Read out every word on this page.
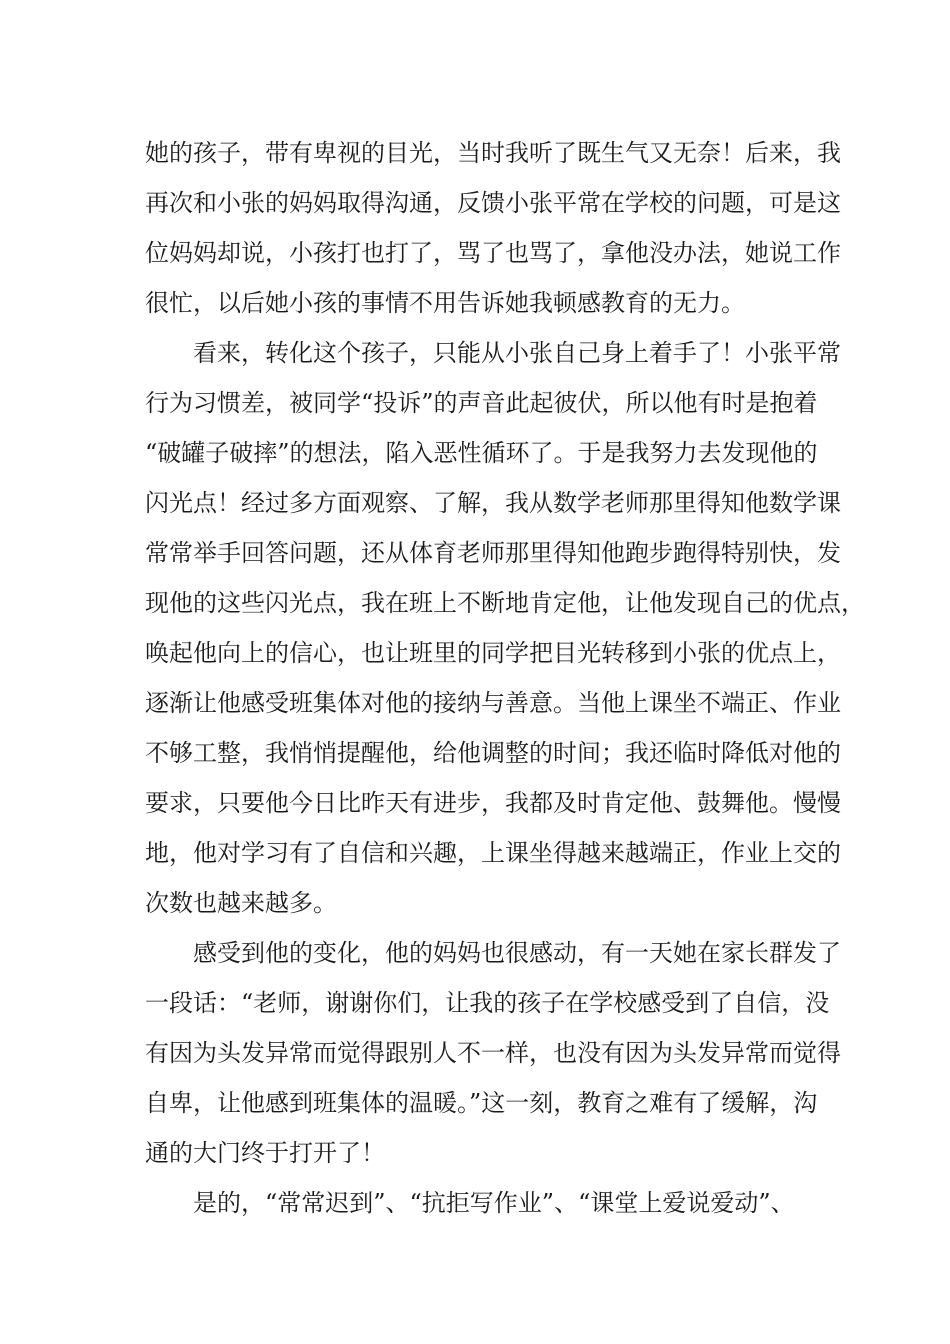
她的孩子，带有卑视的目光，当时我听了既生气又无奈！后来，我
再次和小张的妈妈取得沟通，反馈小张平常在学校的问题，可是这
位妈妈却说，小孩打也打了，骂了也骂了，拿他没办法，她说工作
很忙，以后她小孩的事情不用告诉她我顿感教育的无力。
看来，转化这个孩子，只能从小张自己身上着手了！小张平常
行为习惯差，被同学“投诉”的声音此起彼伏，所以他有时是抱着
“破罐子破摔”的想法，陷入恶性循环了。于是我努力去发现他的
闪光点！经过多方面观察、了解，我从数学老师那里得知他数学课
常常举手回答问题，还从体育老师那里得知他跑步跑得特别快，发
现他的这些闪光点，我在班上不断地肯定他，让他发现自己的优点，
唤起他向上的信心，也让班里的同学把目光转移到小张的优点上，
逐渐让他感受班集体对他的接纳与善意。当他上课坐不端正、作业
不够工整，我悄悄提醒他，给他调整的时间；我还临时降低对他的
要求，只要他今日比昨天有进步，我都及时肯定他、鼓舞他。慢慢
地，他对学习有了自信和兴趣，上课坐得越来越端正，作业上交的
次数也越来越多。
感受到他的变化，他的妈妈也很感动，有一天她在家长群发了
一段话：“老师，谢谢你们，让我的孩子在学校感受到了自信，没
有因为头发异常而觉得跟别人不一样，也没有因为头发异常而觉得
自卑，让他感到班集体的温暖。”这一刻，教育之难有了缓解，沟
通的大门终于打开了！
是的，“常常迟到”、“抗拒写作业”、“课堂上爱说爱动”、
